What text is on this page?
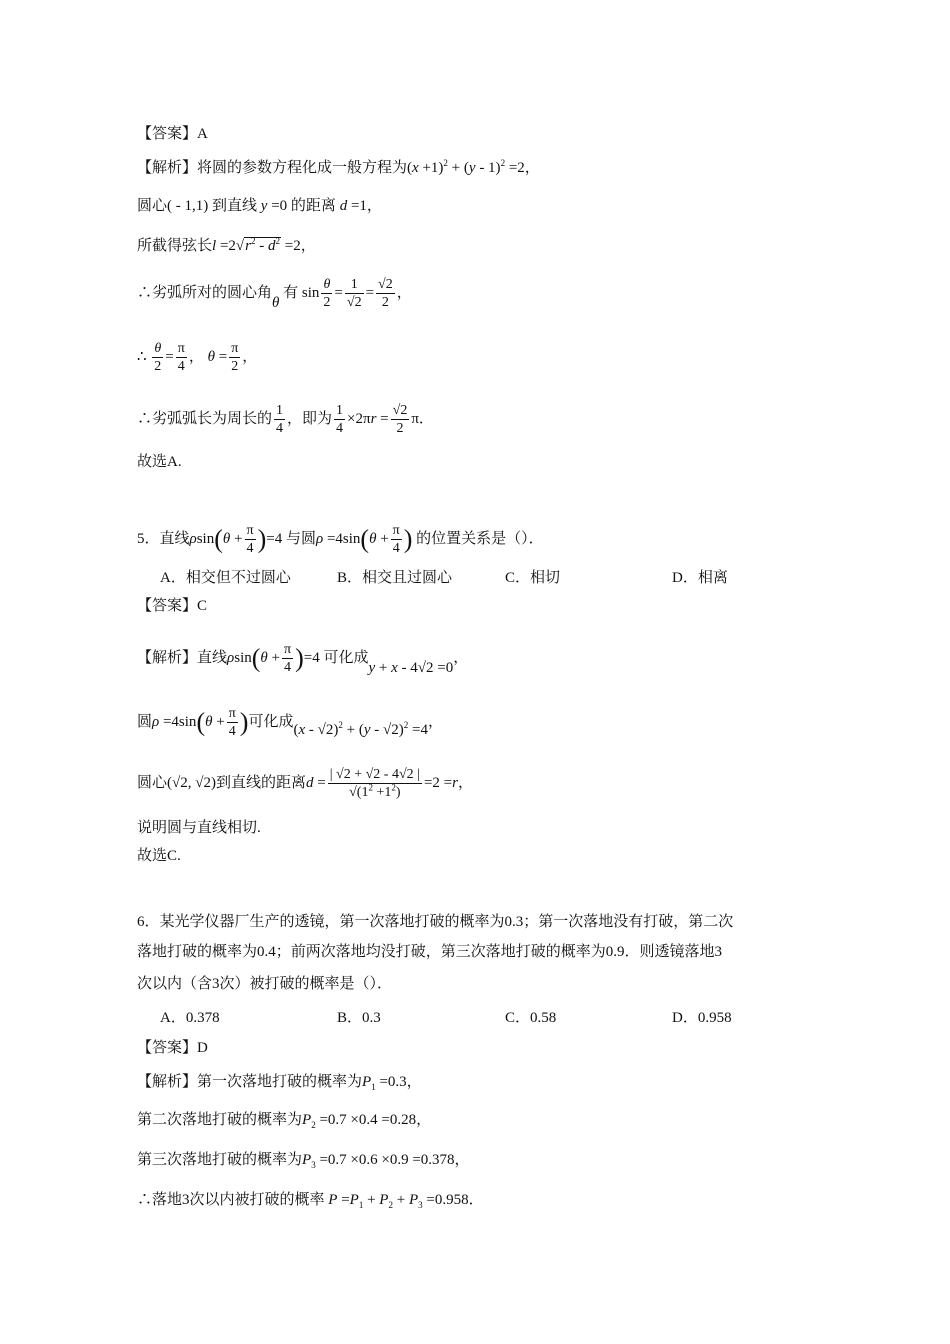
【答案】A
【解析】将圆的参数方程化成一般方程为$(x +1)^2 + (y - 1)^2 =2$，
圆心( - 1,1) 到直线 y =0 的距离 d =1，
所截得弦长$l =2√r^2 - d^2 =2$，
∴劣弧所对的圆心角θ 有 $\sin \frac{\theta}{2} = \frac{1}{√2} = \frac{√2}{2}$ ，
∴ $\frac{\theta}{2} = \frac{\pi}{4}$ ， $\theta = \frac{\pi}{2}$ ，
∴劣弧弧长为周长的 $\frac{1}{4}$ ，即为 $\frac{1}{4} \times 2\pi r = \frac{√2}{2}$ π．
故选A.
5．直线$\rho\sin(\theta + \frac{\pi}{4} )=4$ 与圆$\rho =4\sin(\theta + \frac{\pi}{4}$ ) 的位置关系是（）．
A．相交但不过圆心	B．相交且过圆心	C．相切	D．相离
【答案】C
【解析】直线$\rho\sin(\theta + \frac{\pi}{4} )=4$ 可化成y + x - 4√2 =0，
圆$\rho =4\sin(\theta + \frac{\pi}{4}$ )可化成(x - √2)$^2$ + (y - √2)$^2$ =4，
圆心(√2, √2)到直线的距离$d = \frac{| √2 + √2 - 4√2 |}{√(1^2 +1^2)} =2 =r$，
说明圆与直线相切.
故选C.
6．某光学仪器厂生产的透镜，第一次落地打破的概率为0.3；第一次落地没有打破，第二次
落地打破的概率为0.4；前两次落地均没打破，第三次落地打破的概率为0.9．则透镜落地3
次以内（含3次）被打破的概率是（）．
A．0.378	B．0.3	C．0.58	D．0.958
【答案】D
【解析】第一次落地打破的概率为$P_1 =0.3$，
第二次落地打破的概率为$P_2 =0.7 \times 0.4 =0.28$，
第三次落地打破的概率为$P_3 =0.7 \times 0.6 \times 0.9 =0.378$，
∴落地3次以内被打破的概率 $P =P_1 + P_2 + P_3 =0.958$．
